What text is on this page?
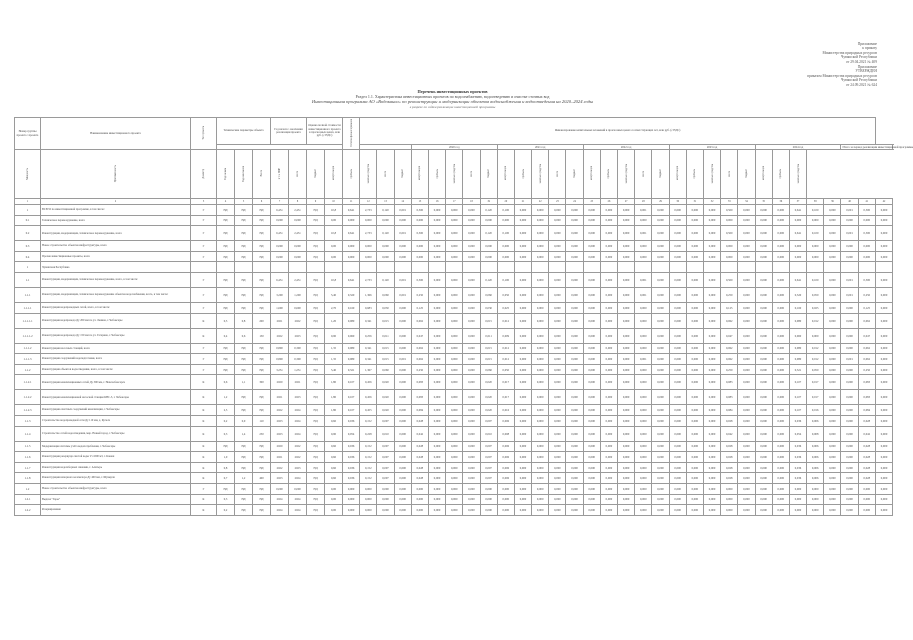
Приложение
к приказу
Министерства природных ресурсов
Чувашской Республики
от 29.04.2021 № 409
Приложение
УТВЕРЖДЕН
приказом Министерства природных ресурсов
Чувашской Республики
от 24.09.2021 № 624
Перечень инвестиционных проектов
Раздел 1.1. Характеристика инвестиционных проектов по водоснабжению, водоотведению и очистке сточных вод
Инвестиционная программа АО «Водоканал» по реконструкции и модернизации объектов водоснабжения и водоотведения на 2020–2024 годы
в разрезе по годам реализации инвестиционной программы
Номер группы проекта / проекта	Наименование инвестиционного проекта	Тип проекта	Технические параметры объекта			Год начала / окончания реализации проекта		Оценка полной стоимости инвестиционного проекта в прогнозных ценах, млн руб. (с НДС)		Остаток финансирования	Финансирование капитальных вложений в прогнозных ценах соответствующих лет, млн руб. (с НДС)																														
														2020 год					2021 год					2022 год					2023 год					2024 год					Итого за период реализации инвестиционной программы		
Мощность	Протяжённость	Диаметр	Год начала	Год окончания	Всего	в т.ч. ПИР	всего	бюджет	амортизация	прибыль	заемные средства	всего	бюджет	амортизация	прибыль	заемные средства	всего	бюджет	амортизация	прибыль	заемные средства	всего	бюджет	амортизация	прибыль	заемные средства	всего	бюджет	амортизация	прибыль	заемные средства	всего	бюджет	амортизация	прибыль	заемные средства					
1	2	3	4	5	6	7	8	9	10	11	12	13	14	15	16	17	18	19	20	21	22	23	24	25	26	27	28	29	30	31	32	33	34	35	36	37	38	39	40	41	42
1	ВСЕГО по инвестиционной программе, в том числе:	Г	НД	НД	НД	6,451	2,451	НД	10,8	0,641	2,733	0,120	0,001	0,500	0,000	0,000	0,000	0,120	0,100	0,000	0,000	0,000	0,000	0,000	0,000	0,000	0,001	0,000	0,000	0,000	0,000	0,500	0,000	0,000	0,000	0,641	0,100	0,000	0,001	0,500	0,000
0.1	Техническое перевооружение, всего	Г	НД	НД	НД	0,000	0,000	НД	0,00	0,000	0,000	0,000	0,000	0,000	0,000	0,000	0,000	0,000	0,000	0,000	0,000	0,000	0,000	0,000	0,000	0,000	0,000	0,000	0,000	0,000	0,000	0,000	0,000	0,000	0,000	0,000	0,000	0,000	0,000	0,000	0,000
0.2	Реконструкция, модернизация, техническое перевооружение, всего	Г	НД	НД	НД	6,451	2,451	НД	10,8	0,641	2,733	0,120	0,001	0,500	0,000	0,000	0,000	0,120	0,100	0,000	0,000	0,000	0,000	0,000	0,000	0,000	0,001	0,000	0,000	0,000	0,000	0,500	0,000	0,000	0,000	0,641	0,100	0,000	0,001	0,500	0,000
0.3	Новое строительство объектов инфраструктуры, всего	Г	НД	НД	НД	0,000	0,000	НД	0,00	0,000	0,000	0,000	0,000	0,000	0,000	0,000	0,000	0,000	0,000	0,000	0,000	0,000	0,000	0,000	0,000	0,000	0,000	0,000	0,000	0,000	0,000	0,000	0,000	0,000	0,000	0,000	0,000	0,000	0,000	0,000	0,000
0.4	Прочие инвестиционные проекты, всего	Г	НД	НД	НД	0,000	0,000	НД	0,00	0,000	0,000	0,000	0,000	0,000	0,000	0,000	0,000	0,000	0,000	0,000	0,000	0,000	0,000	0,000	0,000	0,000	0,000	0,000	0,000	0,000	0,000	0,000	0,000	0,000	0,000	0,000	0,000	0,000	0,000	0,000	0,000
1	Чувашская Республика																																								
1.1	Реконструкция, модернизация, техническое перевооружение, всего, в том числе:	Г	НД	НД	НД	6,451	2,451	НД	10,8	0,641	2,733	0,120	0,001	0,500	0,000	0,000	0,000	0,120	0,100	0,000	0,000	0,000	0,000	0,000	0,000	0,000	0,001	0,000	0,000	0,000	0,000	0,500	0,000	0,000	0,000	0,641	0,100	0,000	0,001	0,500	0,000
1.1.1	Реконструкция, модернизация, техническое перевооружение объектов водоснабжения, всего, в том числе:	Г	НД	НД	НД	3,200	1,200	НД	5,40	0,320	1,366	0,060	0,001	0,250	0,000	0,000	0,000	0,060	0,050	0,000	0,000	0,000	0,000	0,000	0,000	0,000	0,001	0,000	0,000	0,000	0,000	0,250	0,000	0,000	0,000	0,320	0,050	0,000	0,001	0,250	0,000
1.1.1.1	Реконструкция водопроводных сетей, всего, в том числе:	Г	НД	НД	НД	1,600	0,600	НД	2,70	0,160	0,683	0,030	0,000	0,125	0,000	0,000	0,000	0,030	0,025	0,000	0,000	0,000	0,000	0,000	0,000	0,000	0,000	0,000	0,000	0,000	0,000	0,125	0,000	0,000	0,000	0,160	0,025	0,000	0,000	0,125	0,000
1.1.1.1.1	Реконструкция водопровода Ду 200 мм по ул. Ленина, г. Чебоксары	К	0,5	0,8	200	2021	2022	НД	1,20	0,080	0,341	0,015	0,000	0,062	0,000	0,000	0,000	0,015	0,012	0,000	0,000	0,000	0,000	0,000	0,000	0,000	0,000	0,000	0,000	0,000	0,000	0,062	0,000	0,000	0,000	0,080	0,012	0,000	0,000	0,062	0,000
1.1.1.1.2	Реконструкция водопровода Ду 150 мм по ул. Гагарина, г. Чебоксары	К	0,4	0,6	150	2022	2023	НД	0,90	0,060	0,256	0,011	0,000	0,047	0,000	0,000	0,000	0,011	0,009	0,000	0,000	0,000	0,000	0,000	0,000	0,000	0,000	0,000	0,000	0,000	0,000	0,047	0,000	0,000	0,000	0,060	0,009	0,000	0,000	0,047	0,000
1.1.1.2	Реконструкция насосных станций, всего	Г	НД	НД	НД	0,800	0,300	НД	1,35	0,080	0,341	0,015	0,000	0,062	0,000	0,000	0,000	0,015	0,012	0,000	0,000	0,000	0,000	0,000	0,000	0,000	0,000	0,000	0,000	0,000	0,000	0,062	0,000	0,000	0,000	0,080	0,012	0,000	0,000	0,062	0,000
1.1.1.3	Реконструкция сооружений водоподготовки, всего	Г	НД	НД	НД	0,800	0,300	НД	1,35	0,080	0,341	0,015	0,001	0,062	0,000	0,000	0,000	0,015	0,012	0,000	0,000	0,000	0,000	0,000	0,000	0,000	0,001	0,000	0,000	0,000	0,000	0,062	0,000	0,000	0,000	0,080	0,012	0,000	0,001	0,062	0,000
1.1.2	Реконструкция объектов водоотведения, всего, в том числе:	Г	НД	НД	НД	3,251	1,251	НД	5,40	0,321	1,367	0,060	0,000	0,250	0,000	0,000	0,000	0,060	0,050	0,000	0,000	0,000	0,000	0,000	0,000	0,000	0,000	0,000	0,000	0,000	0,000	0,250	0,000	0,000	0,000	0,321	0,050	0,000	0,000	0,250	0,000
1.1.2.1	Реконструкция канализационных сетей Ду 300 мм, г. Новочебоксарск	К	0,6	1,1	300	2020	2021	НД	1,80	0,107	0,456	0,020	0,000	0,083	0,000	0,000	0,000	0,020	0,017	0,000	0,000	0,000	0,000	0,000	0,000	0,000	0,000	0,000	0,000	0,000	0,000	0,083	0,000	0,000	0,000	0,107	0,017	0,000	0,000	0,083	0,000
1.1.2.2	Реконструкция канализационной насосной станции КНС-3, г. Чебоксары	К	1,2	НД	НД	2021	2023	НД	1,80	0,107	0,456	0,020	0,000	0,083	0,000	0,000	0,000	0,020	0,017	0,000	0,000	0,000	0,000	0,000	0,000	0,000	0,000	0,000	0,000	0,000	0,000	0,083	0,000	0,000	0,000	0,107	0,017	0,000	0,000	0,083	0,000
1.1.2.3	Реконструкция очистных сооружений канализации, г. Чебоксары	К	2,5	НД	НД	2022	2024	НД	1,80	0,107	0,455	0,020	0,000	0,084	0,000	0,000	0,000	0,020	0,016	0,000	0,000	0,000	0,000	0,000	0,000	0,000	0,000	0,000	0,000	0,000	0,000	0,084	0,000	0,000	0,000	0,107	0,016	0,000	0,000	0,084	0,000
1.1.3	Строительство водопроводной сети Ду 110 мм, д. Кугеси	К	0,2	0,9	110	2023	2024	НД	0,60	0,036	0,152	0,007	0,000	0,028	0,000	0,000	0,000	0,007	0,006	0,000	0,000	0,000	0,000	0,000	0,000	0,000	0,000	0,000	0,000	0,000	0,000	0,028	0,000	0,000	0,000	0,036	0,006	0,000	0,000	0,028	0,000
1.1.4	Строительство сетей водоотведения, мкр. Новый город, г. Чебоксары	К	0,3	1,4	250	2023	2024	НД	0,90	0,054	0,228	0,010	0,000	0,042	0,000	0,000	0,000	0,010	0,008	0,000	0,000	0,000	0,000	0,000	0,000	0,000	0,000	0,000	0,000	0,000	0,000	0,042	0,000	0,000	0,000	0,054	0,008	0,000	0,000	0,042	0,000
1.1.5	Модернизация системы учёта водопотребления, г. Чебоксары	К	НД	НД	НД	2020	2022	НД	0,60	0,036	0,152	0,007	0,000	0,028	0,000	0,000	0,000	0,007	0,006	0,000	0,000	0,000	0,000	0,000	0,000	0,000	0,000	0,000	0,000	0,000	0,000	0,028	0,000	0,000	0,000	0,036	0,006	0,000	0,000	0,028	0,000
1.1.6	Реконструкция резервуара чистой воды V=1000 м3, г. Канаш	К	1,0	НД	НД	2021	2022	НД	0,60	0,036	0,152	0,007	0,000	0,028	0,000	0,000	0,000	0,007	0,006	0,000	0,000	0,000	0,000	0,000	0,000	0,000	0,000	0,000	0,000	0,000	0,000	0,028	0,000	0,000	0,000	0,036	0,006	0,000	0,000	0,028	0,000
1.1.7	Реконструкция водозаборных скважин, г. Алатырь	К	0,8	НД	НД	2022	2023	НД	0,60	0,036	0,152	0,007	0,000	0,028	0,000	0,000	0,000	0,007	0,006	0,000	0,000	0,000	0,000	0,000	0,000	0,000	0,000	0,000	0,000	0,000	0,000	0,028	0,000	0,000	0,000	0,036	0,006	0,000	0,000	0,028	0,000
1.1.8	Реконструкция напорного коллектора Ду 400 мм, г. Шумерля	К	0,7	1,2	400	2023	2024	НД	0,60	0,036	0,152	0,007	0,000	0,028	0,000	0,000	0,000	0,007	0,006	0,000	0,000	0,000	0,000	0,000	0,000	0,000	0,000	0,000	0,000	0,000	0,000	0,028	0,000	0,000	0,000	0,036	0,006	0,000	0,000	0,028	0,000
1.2	Новое строительство объектов инфраструктуры, всего	Г	НД	НД	НД	0,000	0,000	НД	0,00	0,000	0,000	0,000	0,000	0,000	0,000	0,000	0,000	0,000	0,000	0,000	0,000	0,000	0,000	0,000	0,000	0,000	0,000	0,000	0,000	0,000	0,000	0,000	0,000	0,000	0,000	0,000	0,000	0,000	0,000	0,000	0,000
1.2.1	Выдача "Горы"	К	0,3	НД	НД	2024	2024	НД	0,00	0,000	0,000	0,000	0,000	0,000	0,000	0,000	0,000	0,000	0,000	0,000	0,000	0,000	0,000	0,000	0,000	0,000	0,000	0,000	0,000	0,000	0,000	0,000	0,000	0,000	0,000	0,000	0,000	0,000	0,000	0,000	0,000
1.2.2	Резервирование	К	0,2	НД	НД	2024	2024	НД	0,00	0,000	0,000	0,000	0,000	0,000	0,000	0,000	0,000	0,000	0,000	0,000	0,000	0,000	0,000	0,000	0,000	0,000	0,000	0,000	0,000	0,000	0,000	0,000	0,000	0,000	0,000	0,000	0,000	0,000	0,000	0,000	0,000
